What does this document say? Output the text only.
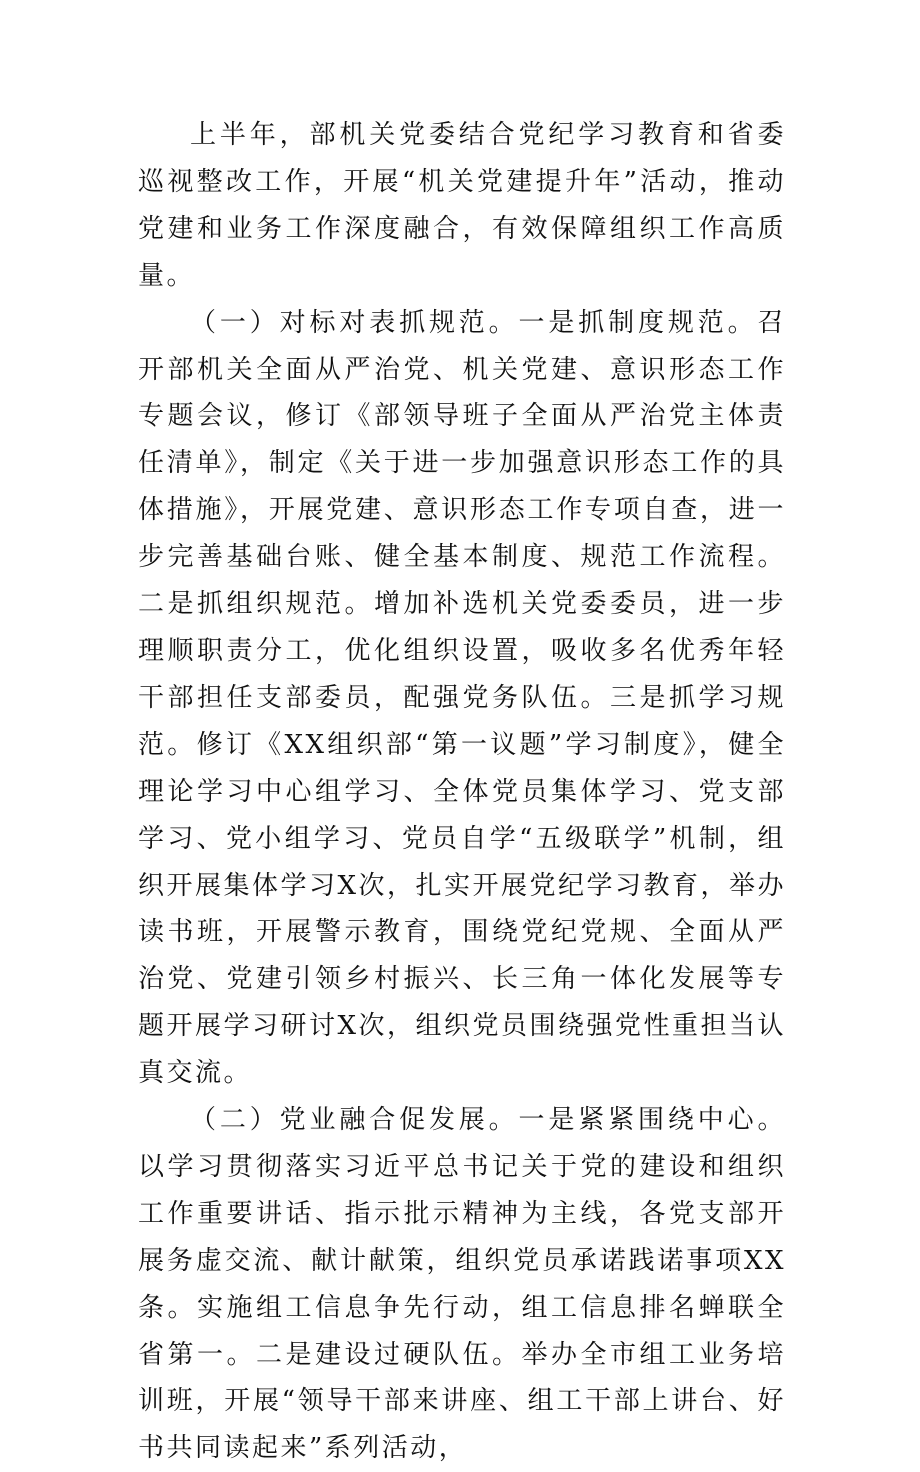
上半年，部机关党委结合党纪学习教育和省委巡视整改工作，开展“机关党建提升年”活动，推动党建和业务工作深度融合，有效保障组织工作高质量。

（一）对标对表抓规范。一是抓制度规范。召开部机关全面从严治党、机关党建、意识形态工作专题会议，修订《部领导班子全面从严治党主体责任清单》，制定《关于进一步加强意识形态工作的具体措施》，开展党建、意识形态工作专项自查，进一步完善基础台账、健全基本制度、规范工作流程。二是抓组织规范。增加补选机关党委委员，进一步理顺职责分工，优化组织设置，吸收多名优秀年轻干部担任支部委员，配强党务队伍。三是抓学习规范。修订《XX组织部“第一议题”学习制度》，健全理论学习中心组学习、全体党员集体学习、党支部学习、党小组学习、党员自学“五级联学”机制，组织开展集体学习X次，扎实开展党纪学习教育，举办读书班，开展警示教育，围绕党纪党规、全面从严治党、党建引领乡村振兴、长三角一体化发展等专题开展学习研讨X次，组织党员围绕强党性重担当认真交流。

（二）党业融合促发展。一是紧紧围绕中心。以学习贯彻落实习近平总书记关于党的建设和组织工作重要讲话、指示批示精神为主线，各党支部开展务虚交流、献计献策，组织党员承诺践诺事项XX条。实施组工信息争先行动，组工信息排名蝉联全省第一。二是建设过硬队伍。举办全市组工业务培训班，开展“领导干部来讲座、组工干部上讲台、好书共同读起来”系列活动，
